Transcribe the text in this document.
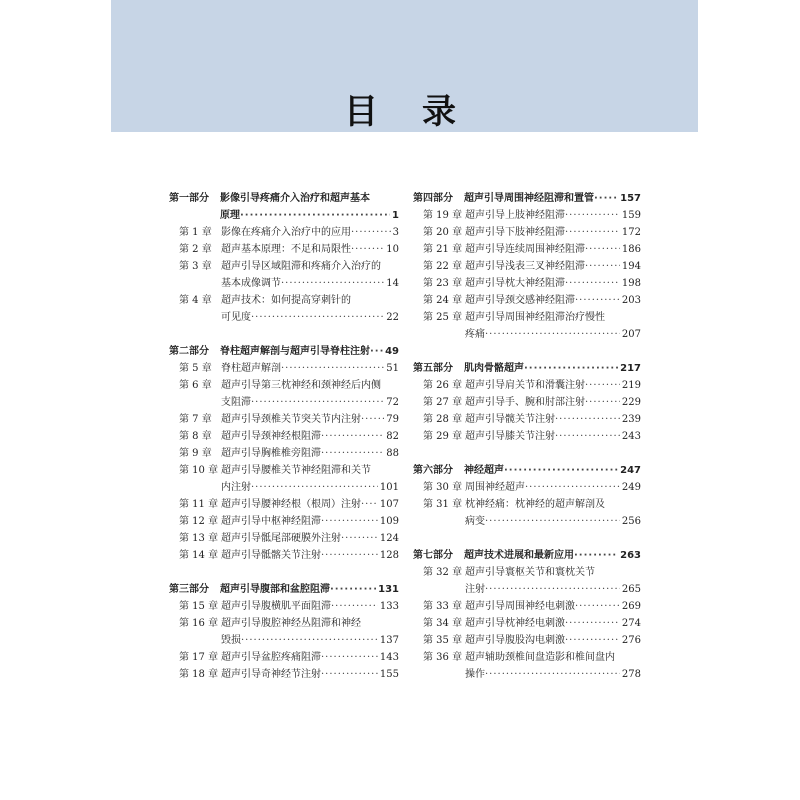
目录
第一部分	影像引导疼痛介入治疗和超声基本
原理 ·····	1
第 1 章 影像在疼痛介入治疗中的应用 ·····	3
第 2 章 超声基本原理：不足和局限性 ·····	10
第 3 章 超声引导区域阻滞和疼痛介入治疗的
基本成像调节 ·····	14
第 4 章 超声技术：如何提高穿刺针的
可见度 ·····	22
第二部分	脊柱超声解剖与超声引导脊柱注射 ····· 49
第 5 章 脊柱超声解剖 ·····	51
第 6 章 超声引导第三枕神经和颈神经后内侧
支阻滞 ·····	72
第 7 章 超声引导颈椎关节突关节内注射 ·····	79
第 8 章 超声引导颈神经根阻滞 ·····	82
第 9 章 超声引导胸椎椎旁阻滞 ·····	88
第 10 章 超声引导腰椎关节神经阻滞和关节
内注射 ·····	101
第 11 章 超声引导腰神经根（根周）注射 ····· 107
第 12 章 超声引导中枢神经阻滞 ·····	109
第 13 章 超声引导骶尾部硬膜外注射 ·····	124
第 14 章 超声引导骶髂关节注射 ·····	128
第三部分	超声引导腹部和盆腔阻滞 ·····	131
第 15 章 超声引导腹横肌平面阻滞 ·····	133
第 16 章 超声引导腹腔神经丛阻滞和神经
毁损 ·····	137
第 17 章 超声引导盆腔疼痛阻滞 ·····	143
第 18 章 超声引导奇神经节注射 ·····	155
第四部分	超声引导周围神经阻滞和置管 ·····	157
第 19 章 超声引导上肢神经阻滞 ·····	159
第 20 章 超声引导下肢神经阻滞 ·····	172
第 21 章 超声引导连续周围神经阻滞 ·····	186
第 22 章 超声引导浅表三叉神经阻滞 ·····	194
第 23 章 超声引导枕大神经阻滞 ·····	198
第 24 章 超声引导颈交感神经阻滞 ·····	203
第 25 章 超声引导周围神经阻滞治疗慢性
疼痛 ·····	207
第五部分	肌肉骨骼超声 ·····	217
第 26 章 超声引导肩关节和滑囊注射 ·····	219
第 27 章 超声引导手、腕和肘部注射 ·····	229
第 28 章 超声引导髋关节注射 ·····	239
第 29 章 超声引导膝关节注射 ·····	243
第六部分	神经超声 ·····	247
第 30 章 周围神经超声 ·····	249
第 31 章 枕神经痛：枕神经的超声解剖及
病变 ·····	256
第七部分	超声技术进展和最新应用 ·····	263
第 32 章 超声引导寰枢关节和寰枕关节
注射 ·····	265
第 33 章 超声引导周围神经电刺激 ·····	269
第 34 章 超声引导枕神经电刺激 ·····	274
第 35 章 超声引导腹股沟电刺激 ·····	276
第 36 章 超声辅助颈椎间盘造影和椎间盘内
操作 ·····	278
